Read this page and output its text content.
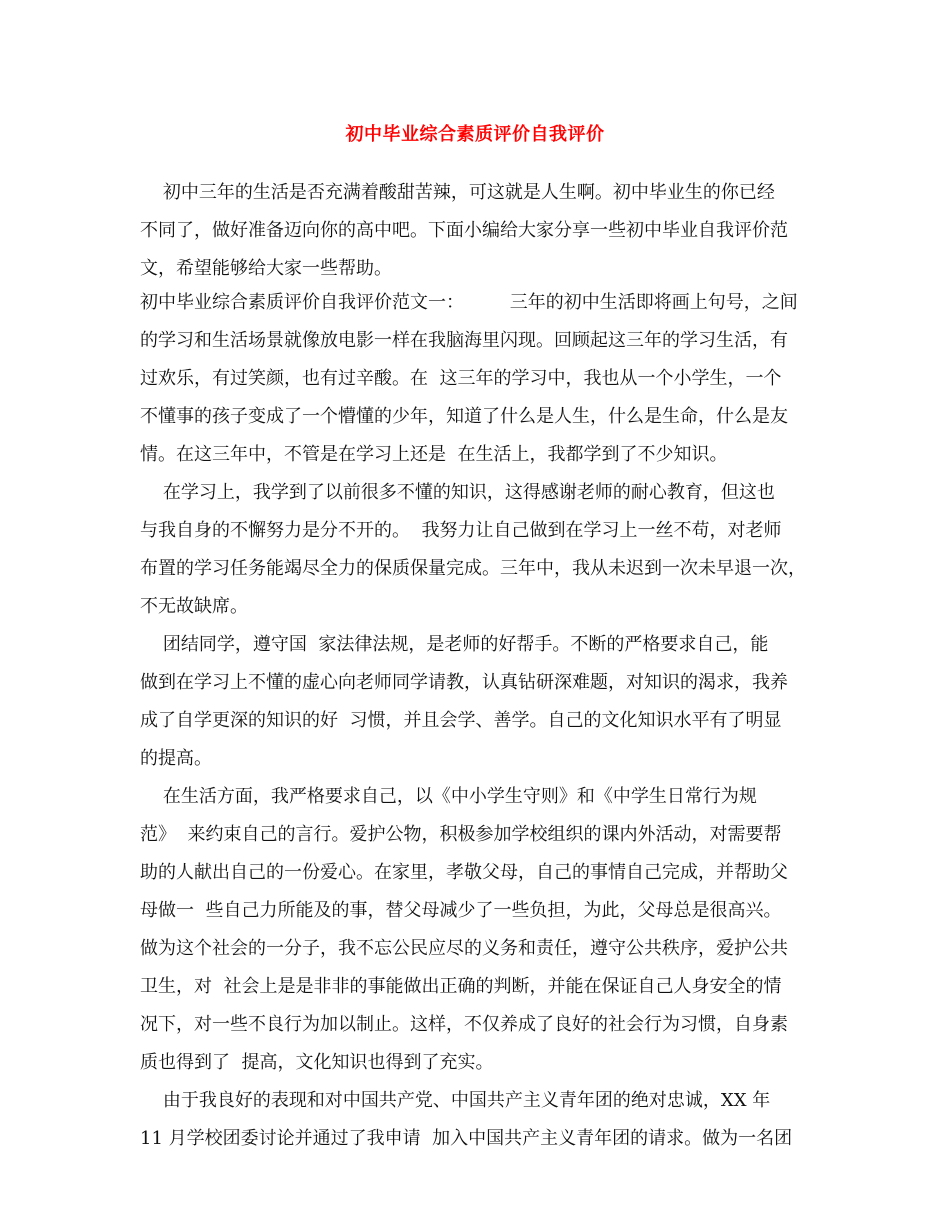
初中毕业综合素质评价自我评价
初中三年的生活是否充满着酸甜苦辣，可这就是人生啊。初中毕业生的你已经
不同了，做好准备迈向你的高中吧。下面小编给大家分享一些初中毕业自我评价范
文，希望能够给大家一些帮助。
初中毕业综合素质评价自我评价范文一：        三年的初中生活即将画上句号，之间
的学习和生活场景就像放电影一样在我脑海里闪现。回顾起这三年的学习生活，有
过欢乐，有过笑颜，也有过辛酸。在  这三年的学习中，我也从一个小学生，一个
不懂事的孩子变成了一个懵懂的少年，知道了什么是人生，什么是生命，什么是友
情。在这三年中，不管是在学习上还是  在生活上，我都学到了不少知识。
在学习上，我学到了以前很多不懂的知识，这得感谢老师的耐心教育，但这也
与我自身的不懈努力是分不开的。  我努力让自己做到在学习上一丝不苟，对老师
布置的学习任务能竭尽全力的保质保量完成。三年中，我从未迟到一次未早退一次，
不无故缺席。
团结同学，遵守国  家法律法规，是老师的好帮手。不断的严格要求自己，能
做到在学习上不懂的虚心向老师同学请教，认真钻研深难题，对知识的渴求，我养
成了自学更深的知识的好  习惯，并且会学、善学。自己的文化知识水平有了明显
的提高。
在生活方面，我严格要求自己，以《中小学生守则》和《中学生日常行为规
范》  来约束自己的言行。爱护公物，积极参加学校组织的课内外活动，对需要帮
助的人献出自己的一份爱心。在家里，孝敬父母，自己的事情自己完成，并帮助父
母做一  些自己力所能及的事，替父母减少了一些负担，为此，父母总是很高兴。
做为这个社会的一分子，我不忘公民应尽的义务和责任，遵守公共秩序，爱护公共
卫生，对  社会上是是非非的事能做出正确的判断，并能在保证自己人身安全的情
况下，对一些不良行为加以制止。这样，不仅养成了良好的社会行为习惯，自身素
质也得到了  提高，文化知识也得到了充实。
由于我良好的表现和对中国共产党、中国共产主义青年团的绝对忠诚，XX 年
11 月学校团委讨论并通过了我申请  加入中国共产主义青年团的请求。做为一名团
